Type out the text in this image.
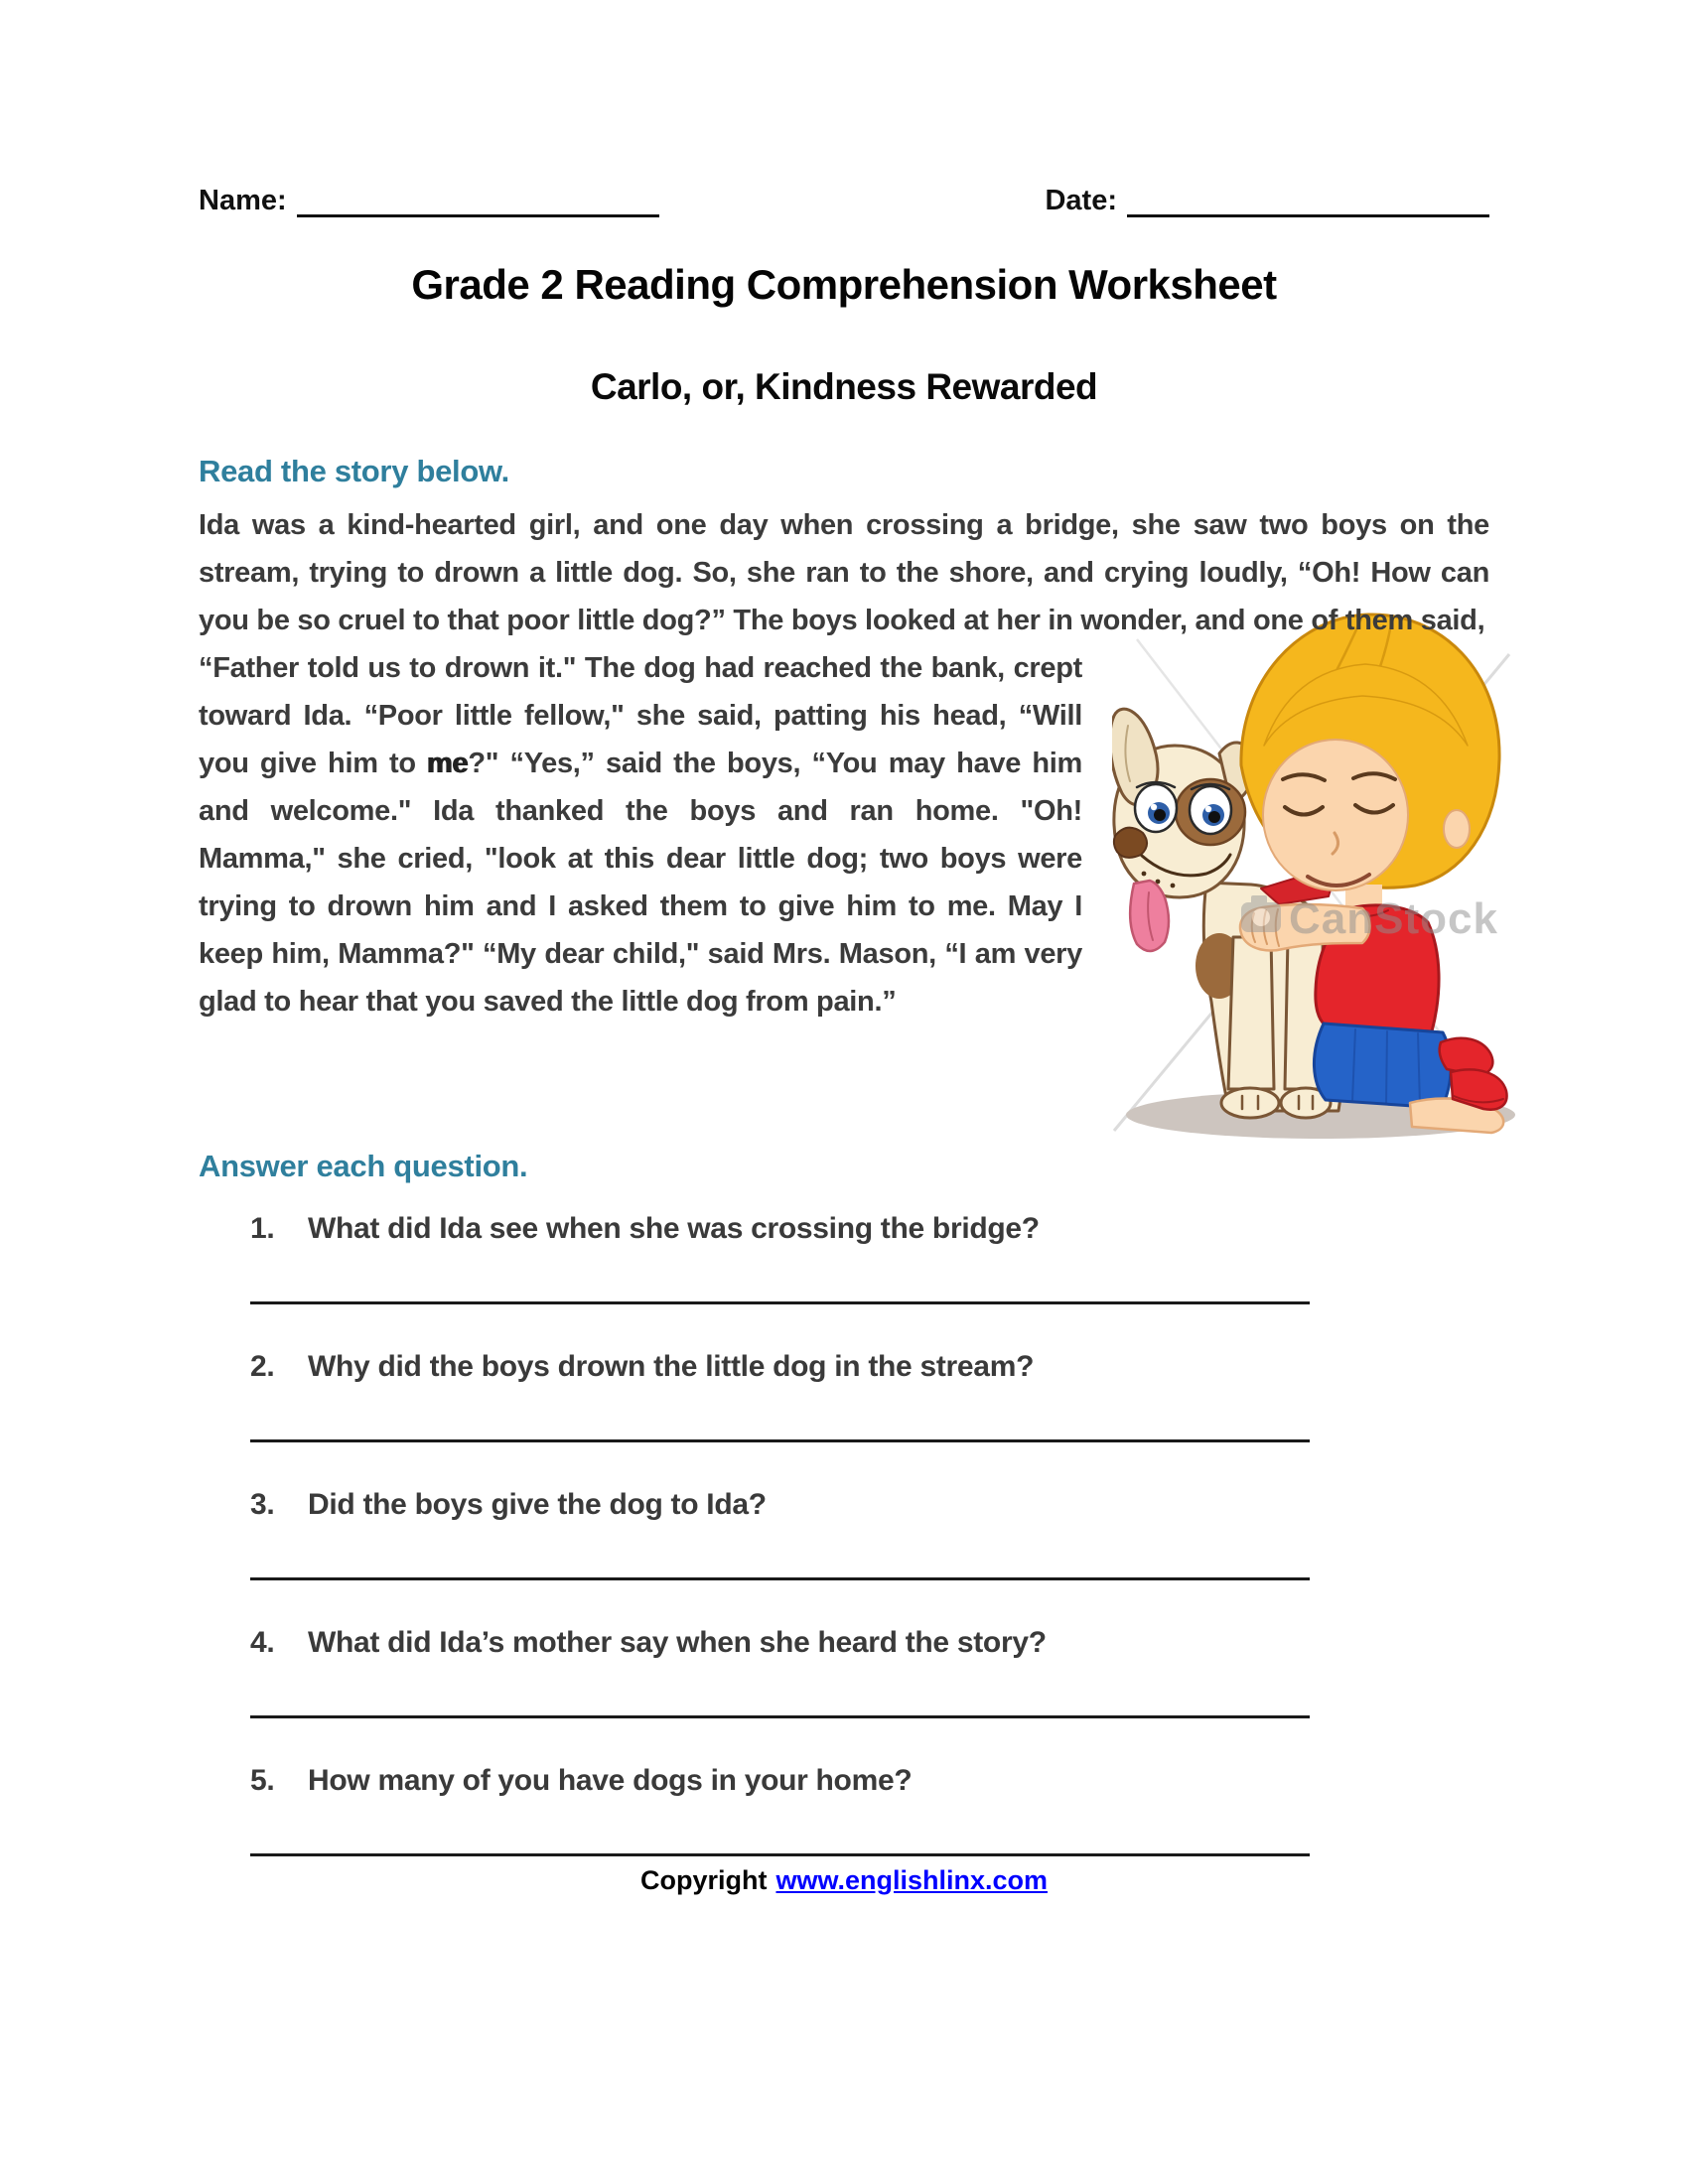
Name:	Date:
Grade 2 Reading Comprehension Worksheet
Carlo, or, Kindness Rewarded
Read the story below.

Ida was a kind-hearted girl, and one day when crossing a bridge, she saw two boys on the stream, trying to drown a little dog. So, she ran to the shore, and crying loudly, “Oh! How can you be so cruel to that poor little dog?” The boys looked at her in wonder, and one of them said,

CanStock
“Father told us to drown it." The dog had reached the bank, crept toward Ida. “Poor little fellow," she said, patting his head, “Will you give him to me?" “Yes,” said the boys, “You may have him and welcome." Ida thanked the boys and ran home. "Oh! Mamma," she cried, "look at this dear little dog; two boys were trying to drown him and I asked them to give him to me. May I keep him, Mamma?" “My dear child," said Mrs. Mason, “I am very glad to hear that you saved the little dog from pain.”
Answer each question.
1.	What did Ida see when she was crossing the bridge?
2.	Why did the boys drown the little dog in the stream?
3.	Did the boys give the dog to Ida?
4.	What did Ida’s mother say when she heard the story?
5.	How many of you have dogs in your home?
Copyright www.englishlinx.com
